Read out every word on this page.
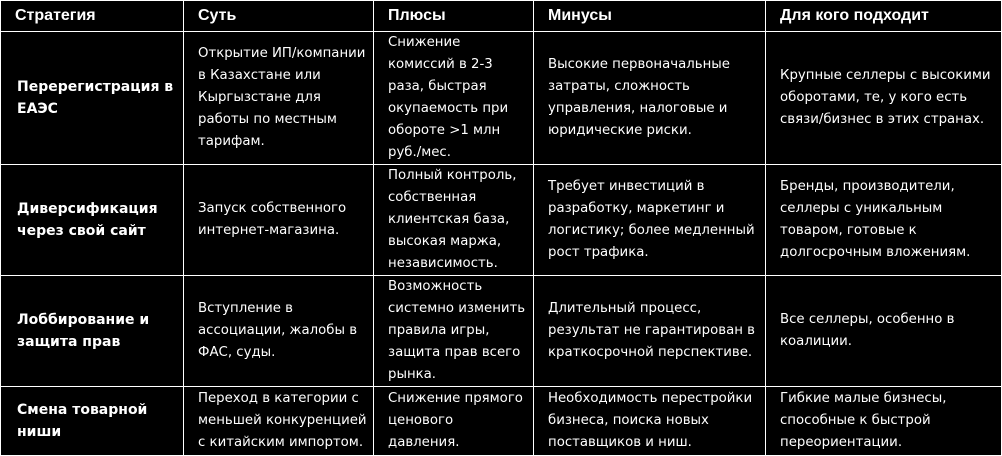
Стратегия	Суть	Плюсы	Минусы	Для кого подходит
Перерегистрация в ЕАЭС	Открытие ИП/компании в Казахстане или Кыргызстане для работы по местным тарифам.	Снижение комиссий в 2-3 раза, быстрая окупаемость при обороте >1 млн руб./мес.	Высокие первоначальные затраты, сложность управления, налоговые и юридические риски.	Крупные селлеры с высокими оборотами, те, у кого есть связи/бизнес в этих странах.
Диверсификация через свой сайт	Запуск собственного интернет-магазина.	Полный контроль, собственная клиентская база, высокая маржа, независимость.	Требует инвестиций в разработку, маркетинг и логистику; более медленный рост трафика.	Бренды, производители, селлеры с уникальным товаром, готовые к долгосрочным вложениям.
Лоббирование и защита прав	Вступление в ассоциации, жалобы в ФАС, суды.	Возможность системно изменить правила игры, защита прав всего рынка.	Длительный процесс, результат не гарантирован в краткосрочной перспективе.	Все селлеры, особенно в коалиции.
Смена товарной ниши	Переход в категории с меньшей конкуренцией с китайским импортом.	Снижение прямого ценового давления.	Необходимость перестройки бизнеса, поиска новых поставщиков и ниш.	Гибкие малые бизнесы, способные к быстрой переориентации.
